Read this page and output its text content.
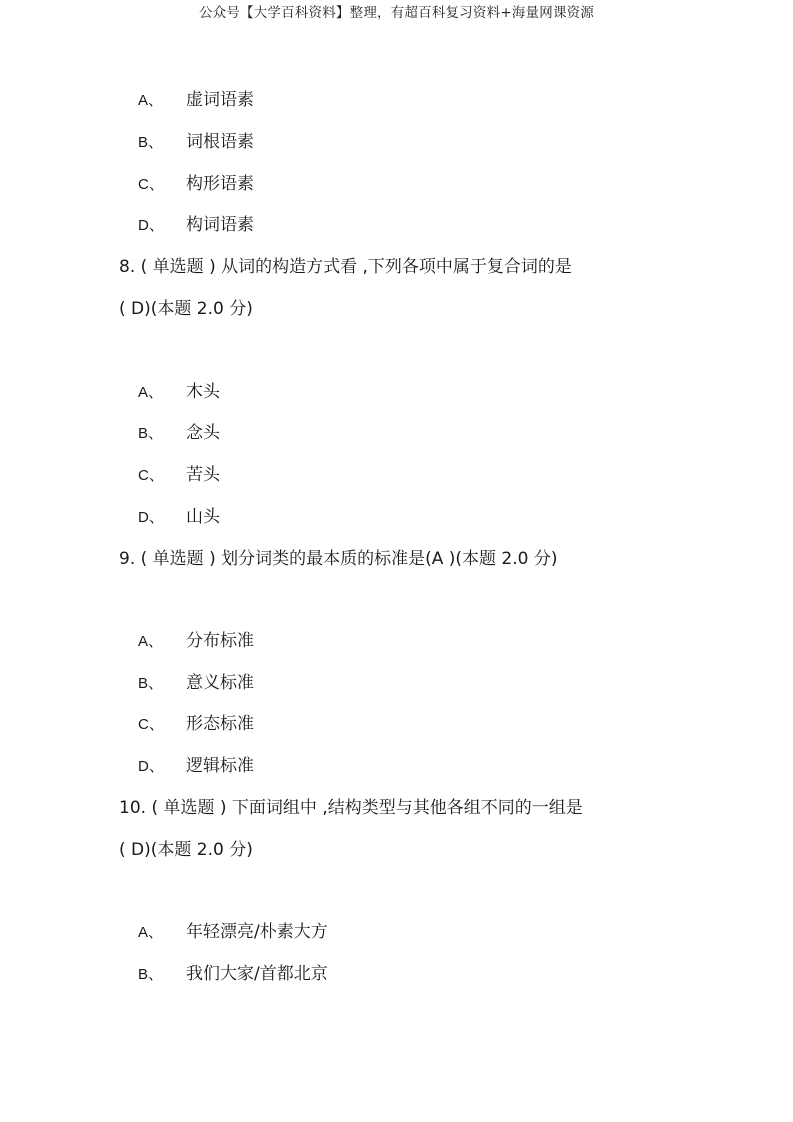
公众号【大学百科资料】整理，有超百科复习资料+海量网课资源
A、 虚词语素
B、 词根语素
C、 构形语素
D、 构词语素
8. ( 单选题 ) 从词的构造方式看 ,下列各项中属于复合词的是
( D)(本题 2.0 分)
A、 木头
B、 念头
C、 苦头
D、 山头
9. ( 单选题 ) 划分词类的最本质的标准是(A )(本题 2.0 分)
A、 分布标准
B、 意义标准
C、 形态标准
D、 逻辑标准
10. ( 单选题 ) 下面词组中 ,结构类型与其他各组不同的一组是
( D)(本题 2.0 分)
A、 年轻漂亮/朴素大方
B、 我们大家/首都北京
